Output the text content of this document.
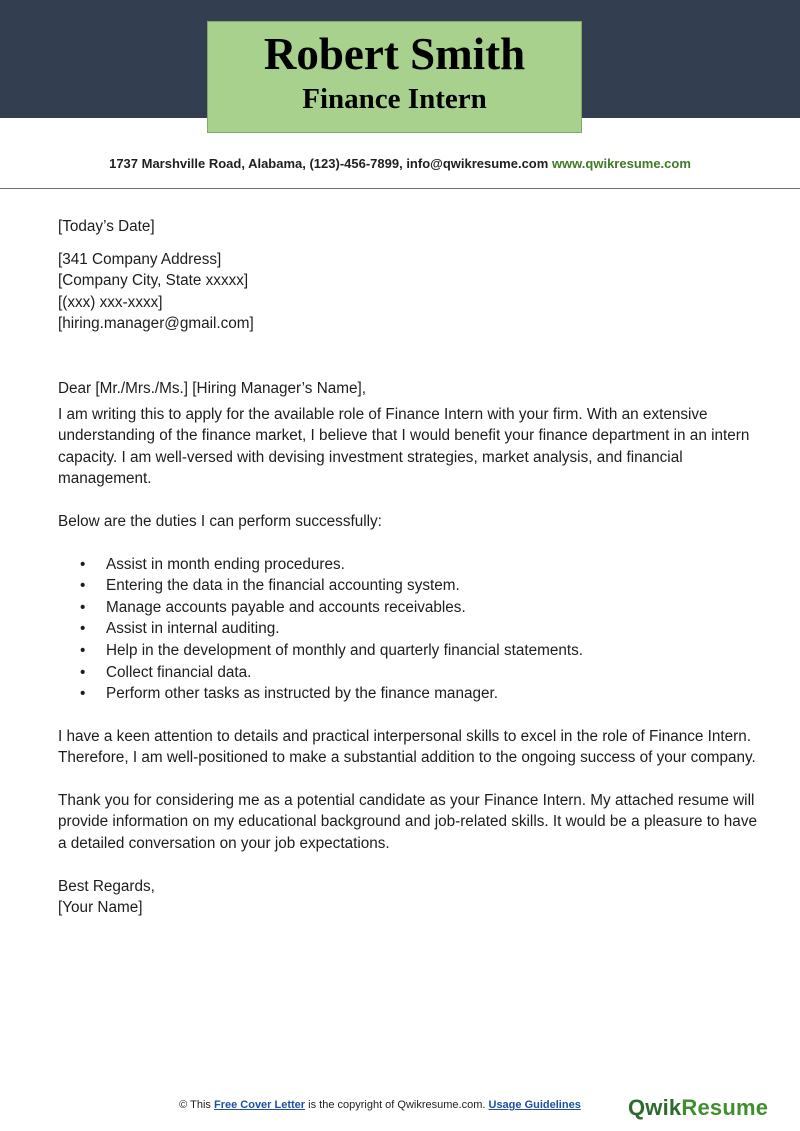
Robert Smith
Finance Intern
1737 Marshville Road, Alabama, (123)-456-7899, info@qwikresume.com www.qwikresume.com

[Today’s Date]

[341 Company Address]

[Company City, State xxxxx]

[(xxx) xxx-xxxx]

[hiring.manager@gmail.com]

Dear [Mr./Mrs./Ms.] [Hiring Manager’s Name],

I am writing this to apply for the available role of Finance Intern with your firm. With an extensive understanding of the finance market, I believe that I would benefit your finance department in an intern capacity. I am well-versed with devising investment strategies, market analysis, and financial management.

Below are the duties I can perform successfully:

• Assist in month ending procedures.
• Entering the data in the financial accounting system.
• Manage accounts payable and accounts receivables.
• Assist in internal auditing.
• Help in the development of monthly and quarterly financial statements.
• Collect financial data.
• Perform other tasks as instructed by the finance manager.

I have a keen attention to details and practical interpersonal skills to excel in the role of Finance Intern. Therefore, I am well-positioned to make a substantial addition to the ongoing success of your company.

Thank you for considering me as a potential candidate as your Finance Intern. My attached resume will provide information on my educational background and job-related skills. It would be a pleasure to have a detailed conversation on your job expectations.

Best Regards,

[Your Name]

© This Free Cover Letter is the copyright of Qwikresume.com. Usage Guidelines	QwikResume
